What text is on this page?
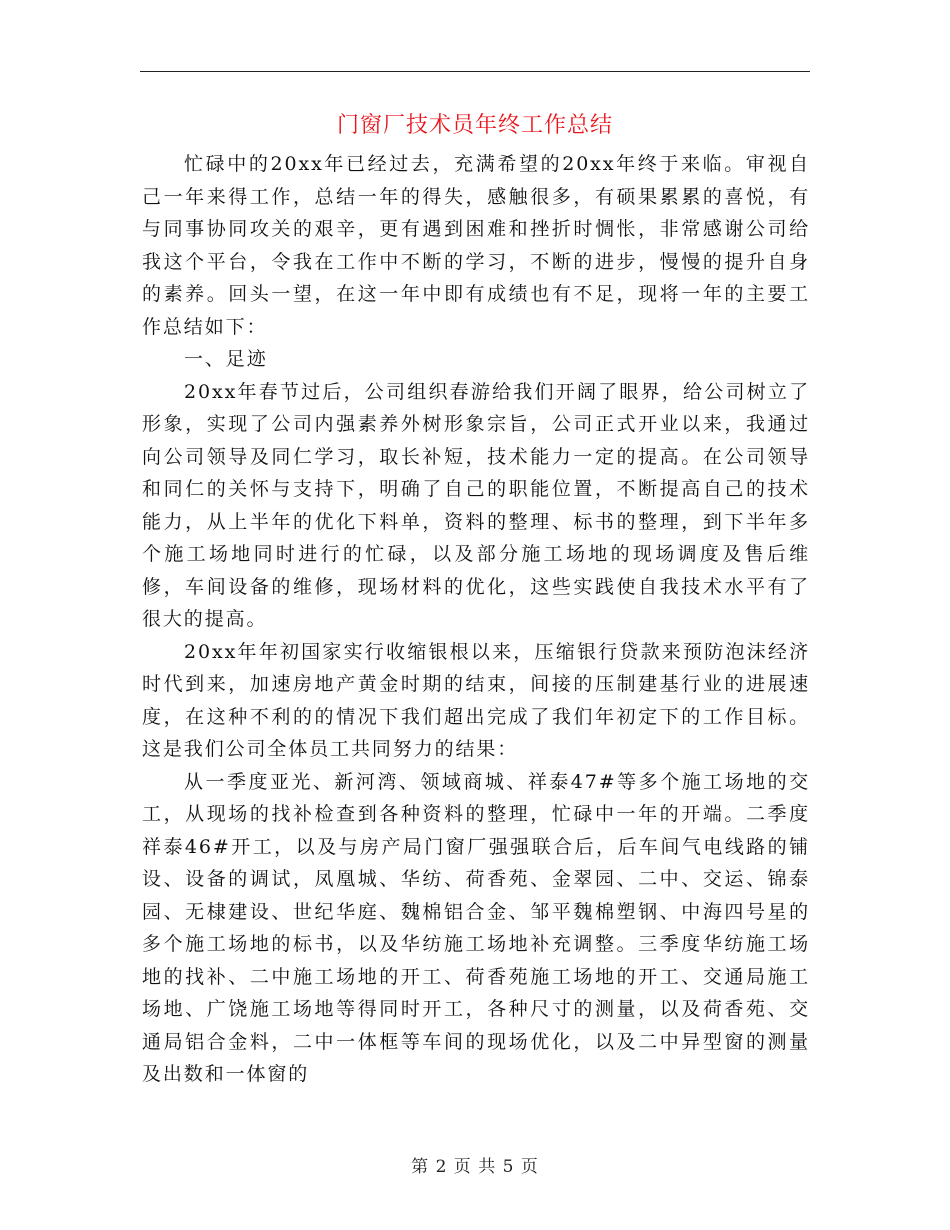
门窗厂技术员年终工作总结

忙碌中的20xx年已经过去，充满希望的20xx年终于来临。审视自己一年来得工作，总结一年的得失，感触很多，有硕果累累的喜悦，有与同事协同攻关的艰辛，更有遇到困难和挫折时惆怅，非常感谢公司给我这个平台，令我在工作中不断的学习，不断的进步，慢慢的提升自身的素养。回头一望，在这一年中即有成绩也有不足，现将一年的主要工作总结如下：

一、足迹

20xx年春节过后，公司组织春游给我们开阔了眼界，给公司树立了形象，实现了公司内强素养外树形象宗旨，公司正式开业以来，我通过向公司领导及同仁学习，取长补短，技术能力一定的提高。在公司领导和同仁的关怀与支持下，明确了自己的职能位置，不断提高自己的技术能力，从上半年的优化下料单，资料的整理、标书的整理，到下半年多个施工场地同时进行的忙碌，以及部分施工场地的现场调度及售后维修，车间设备的维修，现场材料的优化，这些实践使自我技术水平有了很大的提高。

20xx年年初国家实行收缩银根以来，压缩银行贷款来预防泡沫经济时代到来，加速房地产黄金时期的结束，间接的压制建基行业的进展速度，在这种不利的的情况下我们超出完成了我们年初定下的工作目标。这是我们公司全体员工共同努力的结果：

从一季度亚光、新河湾、领域商城、祥泰47#等多个施工场地的交工，从现场的找补检查到各种资料的整理，忙碌中一年的开端。二季度祥泰46#开工，以及与房产局门窗厂强强联合后，后车间气电线路的铺设、设备的调试，凤凰城、华纺、荷香苑、金翠园、二中、交运、锦泰园、无棣建设、世纪华庭、魏棉铝合金、邹平魏棉塑钢、中海四号星的多个施工场地的标书，以及华纺施工场地补充调整。三季度华纺施工场地的找补、二中施工场地的开工、荷香苑施工场地的开工、交通局施工场地、广饶施工场地等得同时开工，各种尺寸的测量，以及荷香苑、交通局铝合金料，二中一体框等车间的现场优化，以及二中异型窗的测量及出数和一体窗的

第 2 页 共 5 页
